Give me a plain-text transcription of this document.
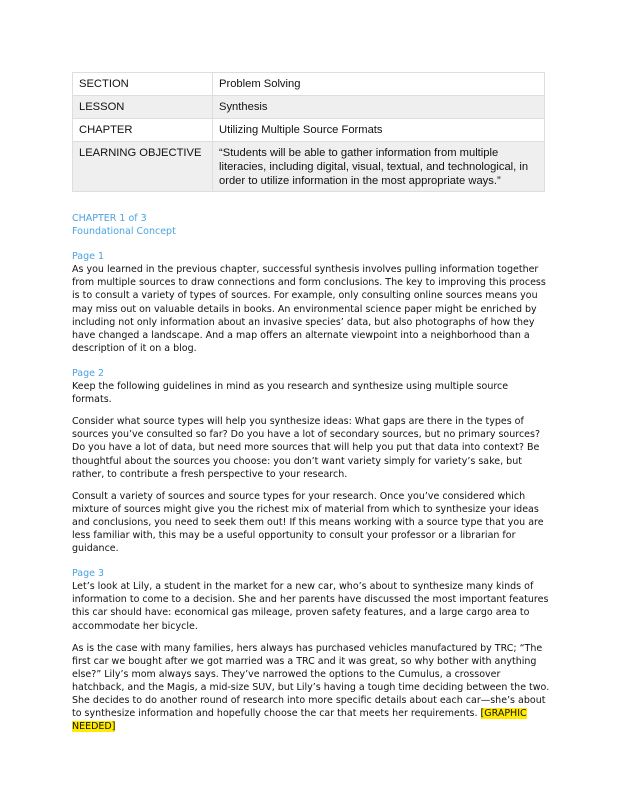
SECTION	Problem Solving
LESSON	Synthesis
CHAPTER	Utilizing Multiple Source Formats
LEARNING OBJECTIVE	“Students will be able to gather information from multiple literacies, including digital, visual, textual, and technological, in order to utilize information in the most appropriate ways.”

CHAPTER 1 of 3

Foundational Concept

Page 1

As you learned in the previous chapter, successful synthesis involves pulling information together from multiple sources to draw connections and form conclusions. The key to improving this process is to consult a variety of types of sources. For example, only consulting online sources means you may miss out on valuable details in books. An environmental science paper might be enriched by including not only information about an invasive species’ data, but also photographs of how they have changed a landscape. And a map offers an alternate viewpoint into a neighborhood than a description of it on a blog.

Page 2

Keep the following guidelines in mind as you research and synthesize using multiple source formats.

Consider what source types will help you synthesize ideas: What gaps are there in the types of sources you’ve consulted so far? Do you have a lot of secondary sources, but no primary sources? Do you have a lot of data, but need more sources that will help you put that data into context? Be thoughtful about the sources you choose: you don’t want variety simply for variety’s sake, but rather, to contribute a fresh perspective to your research.

Consult a variety of sources and source types for your research. Once you’ve considered which mixture of sources might give you the richest mix of material from which to synthesize your ideas and conclusions, you need to seek them out! If this means working with a source type that you are less familiar with, this may be a useful opportunity to consult your professor or a librarian for guidance.

Page 3

Let’s look at Lily, a student in the market for a new car, who’s about to synthesize many kinds of information to come to a decision. She and her parents have discussed the most important features this car should have: economical gas mileage, proven safety features, and a large cargo area to accommodate her bicycle.

As is the case with many families, hers always has purchased vehicles manufactured by TRC; “The first car we bought after we got married was a TRC and it was great, so why bother with anything else?” Lily’s mom always says. They’ve narrowed the options to the Cumulus, a crossover hatchback, and the Magis, a mid-size SUV, but Lily’s having a tough time deciding between the two. She decides to do another round of research into more specific details about each car—she’s about to synthesize information and hopefully choose the car that meets her requirements. [GRAPHIC NEEDED]
